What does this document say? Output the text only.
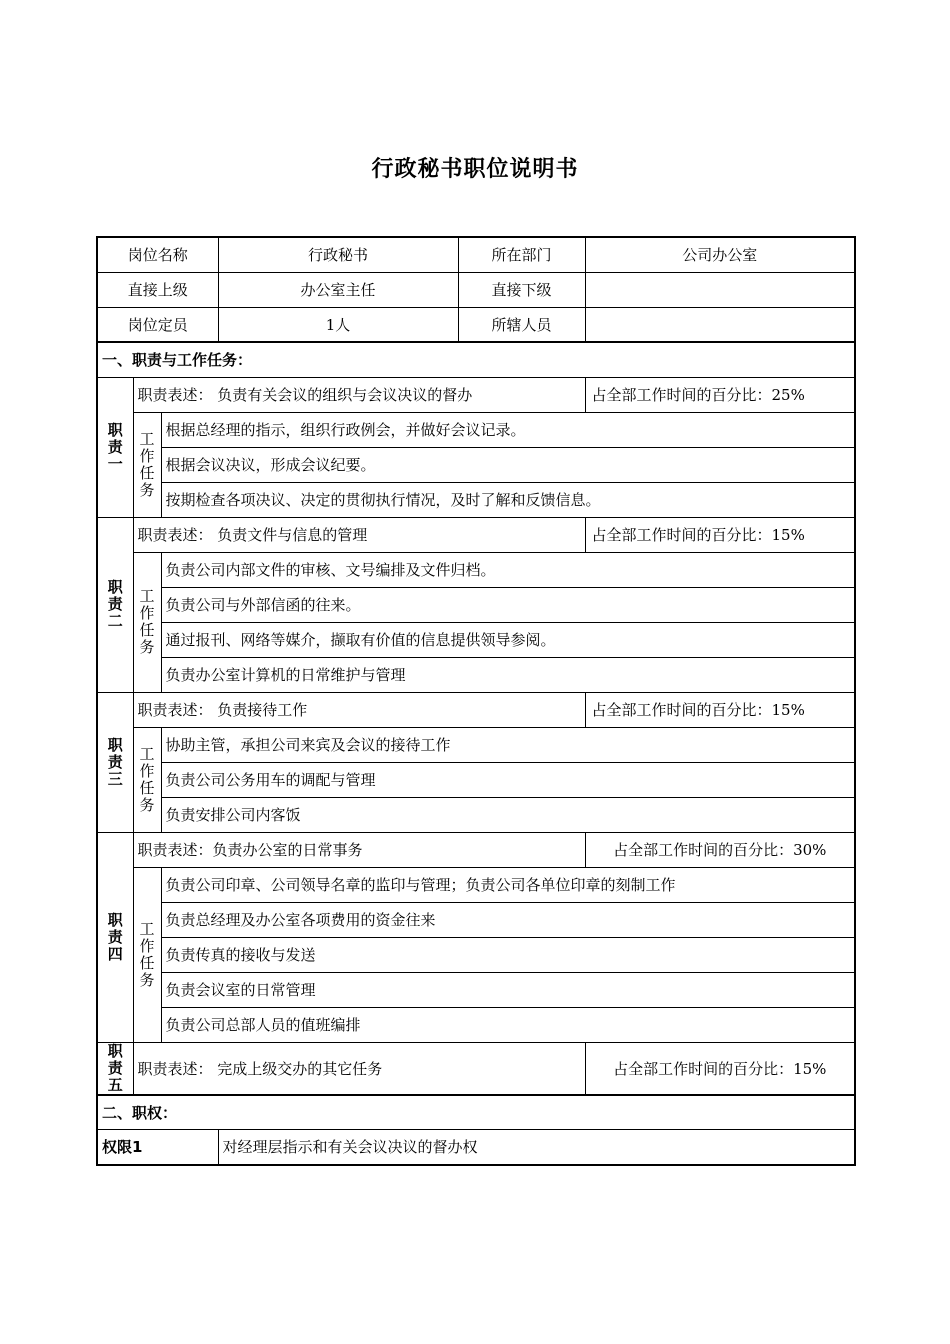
行政秘书职位说明书
岗位名称			行政秘书	所在部门	公司办公室
直接上级			办公室主任	直接下级	
岗位定员			1人	所辖人员	
一、职责与工作任务：					

职
责
一	职责表述： 负责有关会议的组织与会议决议的督办				占全部工作时间的百分比：25%

	工
作
任
务	根据总经理的指示，组织行政例会，并做好会议记录。			
		根据会议决议，形成会议纪要。			
		按期检查各项决议、决定的贯彻执行情况，及时了解和反馈信息。			

职
责
二	职责表述： 负责文件与信息的管理				占全部工作时间的百分比：15%

	工
作
任
务	负责公司内部文件的审核、文号编排及文件归档。			
		负责公司与外部信函的往来。			
		通过报刊、网络等媒介，撷取有价值的信息提供领导参阅。			
		负责办公室计算机的日常维护与管理			

职
责
三	职责表述： 负责接待工作				占全部工作时间的百分比：15%

	工
作
任
务	协助主管，承担公司来宾及会议的接待工作			
		负责公司公务用车的调配与管理			
		负责安排公司内客饭			

职
责
四	职责表述：负责办公室的日常事务				占全部工作时间的百分比：30%

	工
作
任
务	负责公司印章、公司领导名章的监印与管理；负责公司各单位印章的刻制工作			
		负责总经理及办公室各项费用的资金往来			
		负责传真的接收与发送			
		负责会议室的日常管理			
		负责公司总部人员的值班编排			

职
责
五	职责表述： 完成上级交办的其它任务				占全部工作时间的百分比：15%
二、职权：					
权限1			对经理层指示和有关会议决议的督办权		
